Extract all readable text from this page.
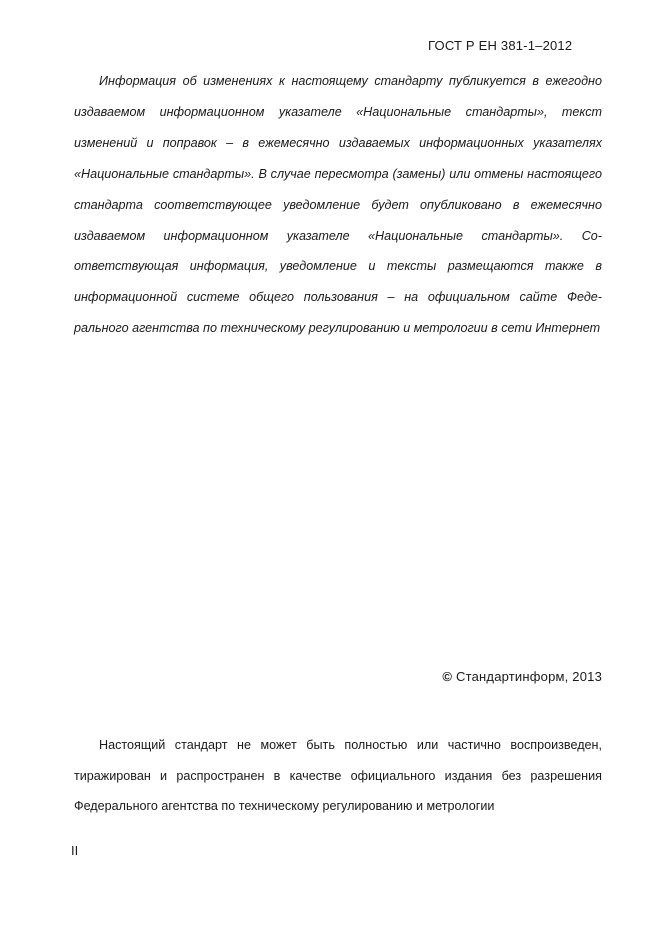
ГОСТ Р ЕН 381-1–2012

Информация об изменениях к настоящему стандарту публикуется в ежегодно издаваемом информационном указателе «Национальные стандарты», текст изменений и поправок – в ежемесячно издаваемых информационных указателях «Национальные стандарты». В случае пересмотра (замены) или отмены настоящего стандарта соответствующее уведомление будет опубликовано в ежемесячно издаваемом информационном указателе «Национальные стандарты». Соответствующая информация, уведомление и тексты размещаются также в информационной системе общего пользования – на официальном сайте Федерального агентства по техническому регулированию и метрологии в сети Интернет

© Стандартинформ, 2013

Настоящий стандарт не может быть полностью или частично воспроизведен, тиражирован и распространен в качестве официального издания без разрешения Федерального агентства по техническому регулированию и метрологии

II
